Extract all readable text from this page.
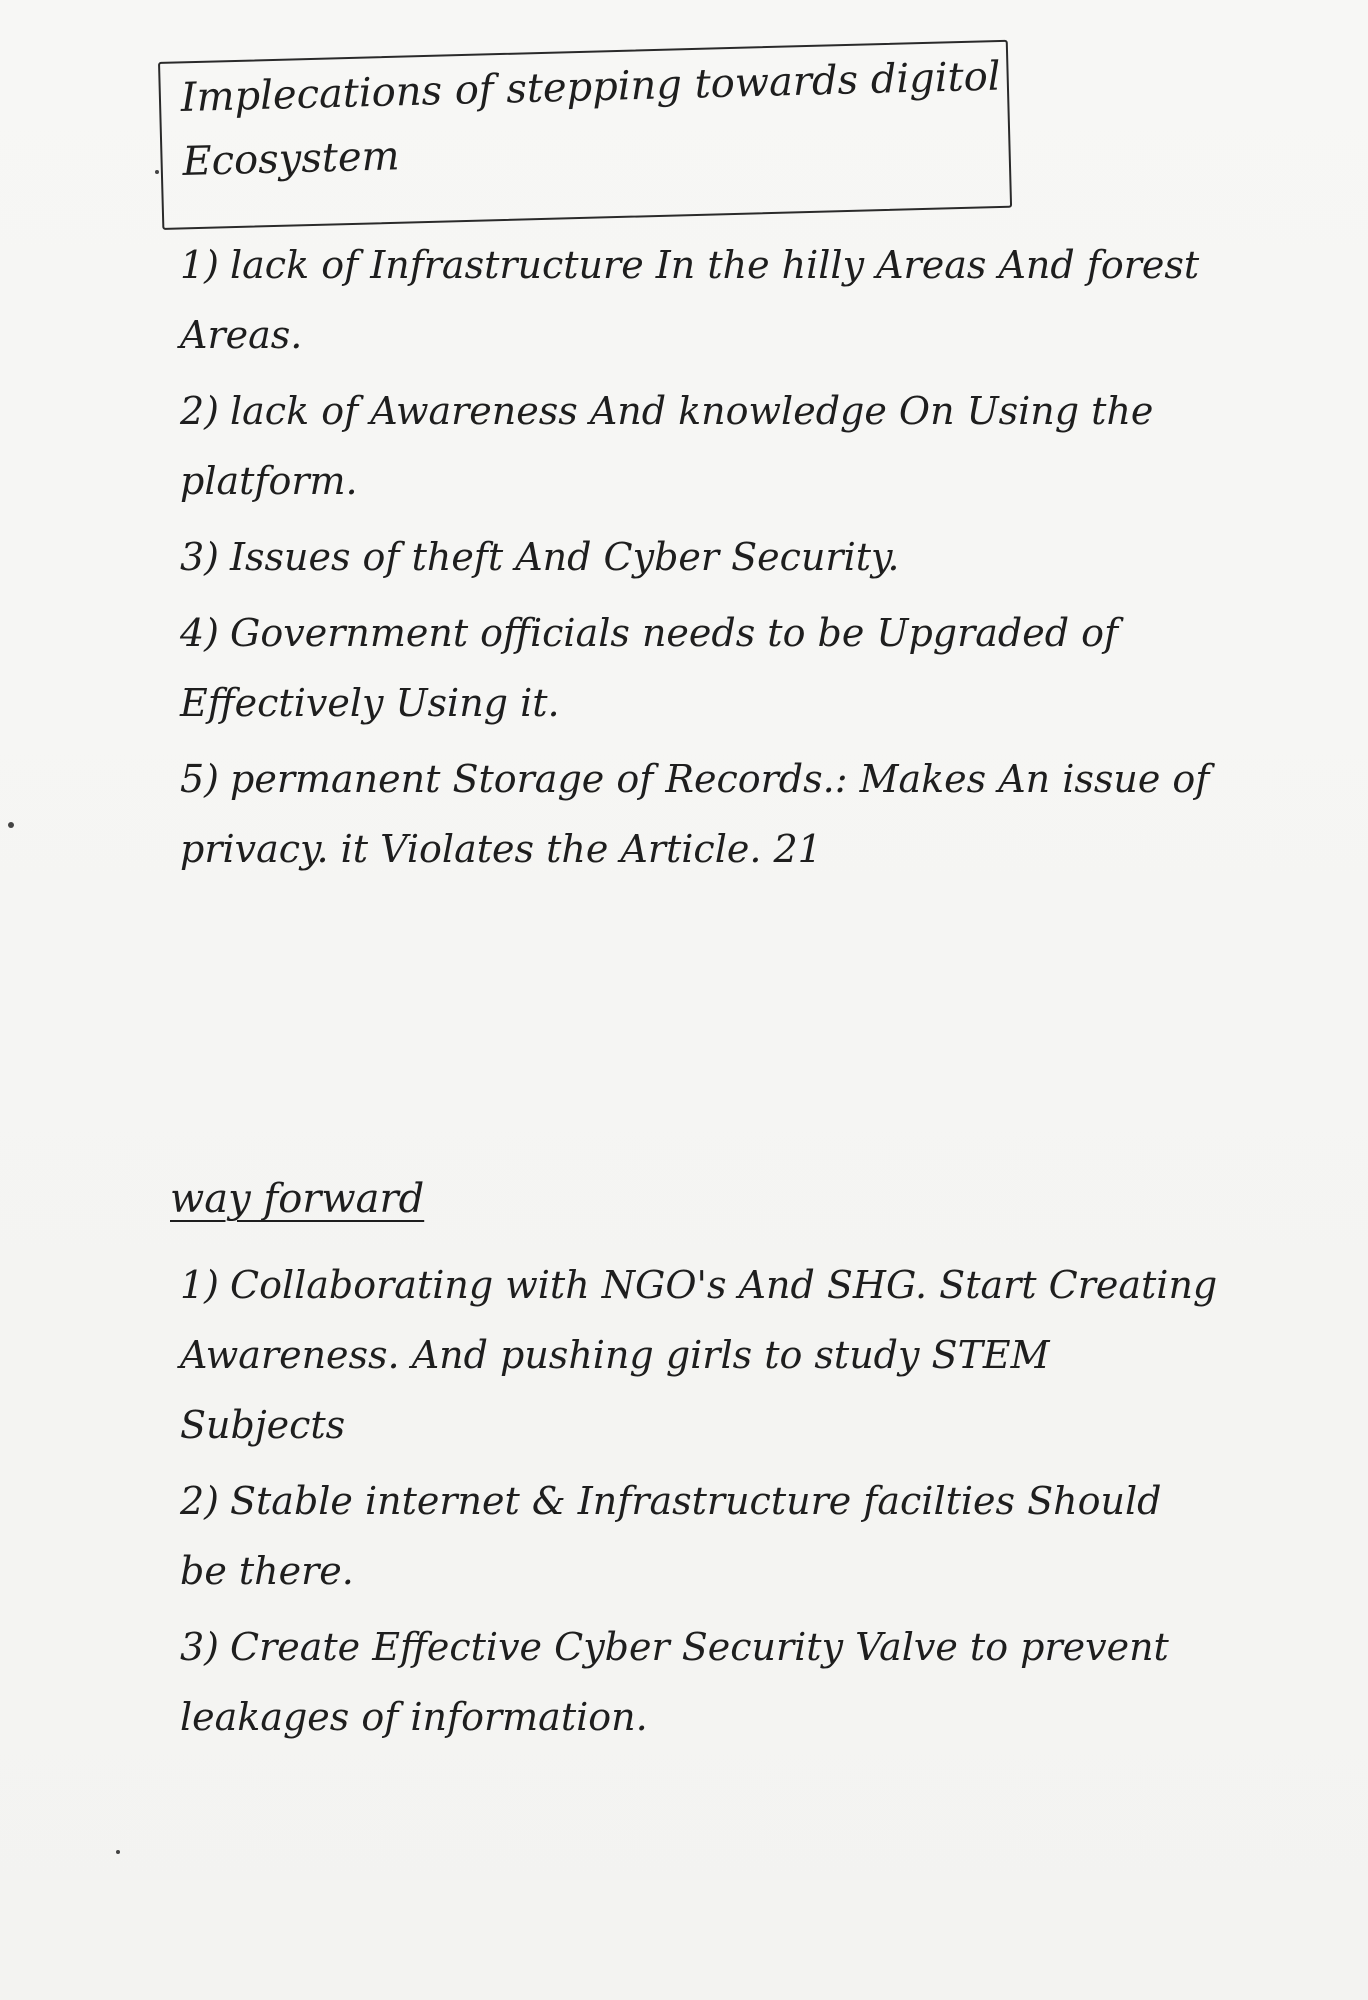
Implecations of stepping towards digitol Ecosystem
1) lack of Infrastructure In the hilly Areas And forest Areas.
2) lack of Awareness And knowledge On Using the platform.
3) Issues of theft And Cyber Security.
4) Government officials needs to be Upgraded of Effectively Using it.
5) permanent Storage of Records.: Makes An issue of privacy. it Violates the Article. 21
way forward
1) Collaborating with NGO's And SHG. Start Creating Awareness. And pushing girls to study STEM Subjects
2) Stable internet & Infrastructure facilties Should be there.
3) Create Effective Cyber Security Valve to prevent leakages of information.
